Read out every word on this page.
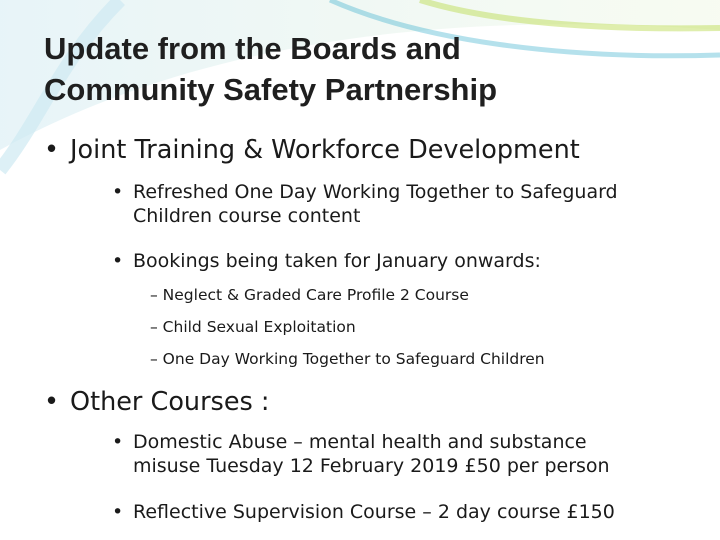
Update from the Boards and
Community Safety Partnership
• Joint Training & Workforce Development
• Refreshed One Day Working Together to Safeguard
Children course content
• Bookings being taken for January onwards:
– Neglect & Graded Care Profile 2 Course
– Child Sexual Exploitation
– One Day Working Together to Safeguard Children
• Other Courses :
• Domestic Abuse – mental health and substance
misuse Tuesday 12 February 2019 £50 per person
• Reflective Supervision Course – 2 day course £150
